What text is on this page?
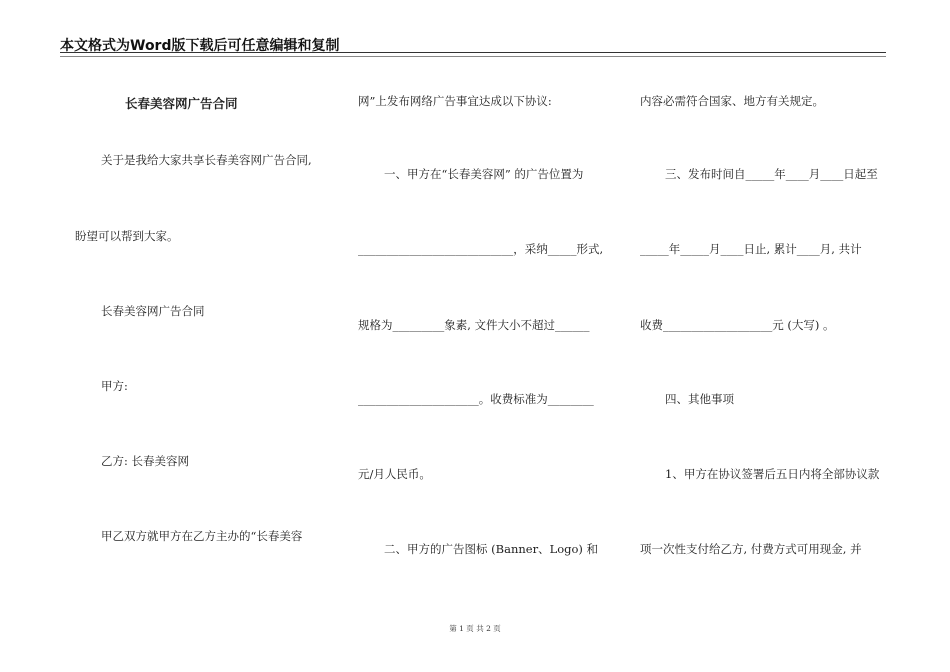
本文格式为Word版下载后可任意编辑和复制
长春美容网广告合同
关于是我给大家共享长春美容网广告合同,
盼望可以帮到大家。
长春美容网广告合同
甲方:
乙方: 长春美容网
甲乙双方就甲方在乙方主办的“长春美容
网”上发布网络广告事宜达成以下协议:
一、甲方在“长春美容网” 的广告位置为
___________________________，采纳_____形式,
规格为_________象素, 文件大小不超过______
_____________________。收费标准为________
元/月人民币。
二、甲方的广告图标 (Banner、Logo) 和
内容必需符合国家、地方有关规定。
三、发布时间自_____年____月____日起至
_____年_____月____日止, 累计____月, 共计
收费___________________元 (大写) 。
四、其他事项
1、甲方在协议签署后五日内将全部协议款
项一次性支付给乙方, 付费方式可用现金, 并
第 1 页 共 2 页
